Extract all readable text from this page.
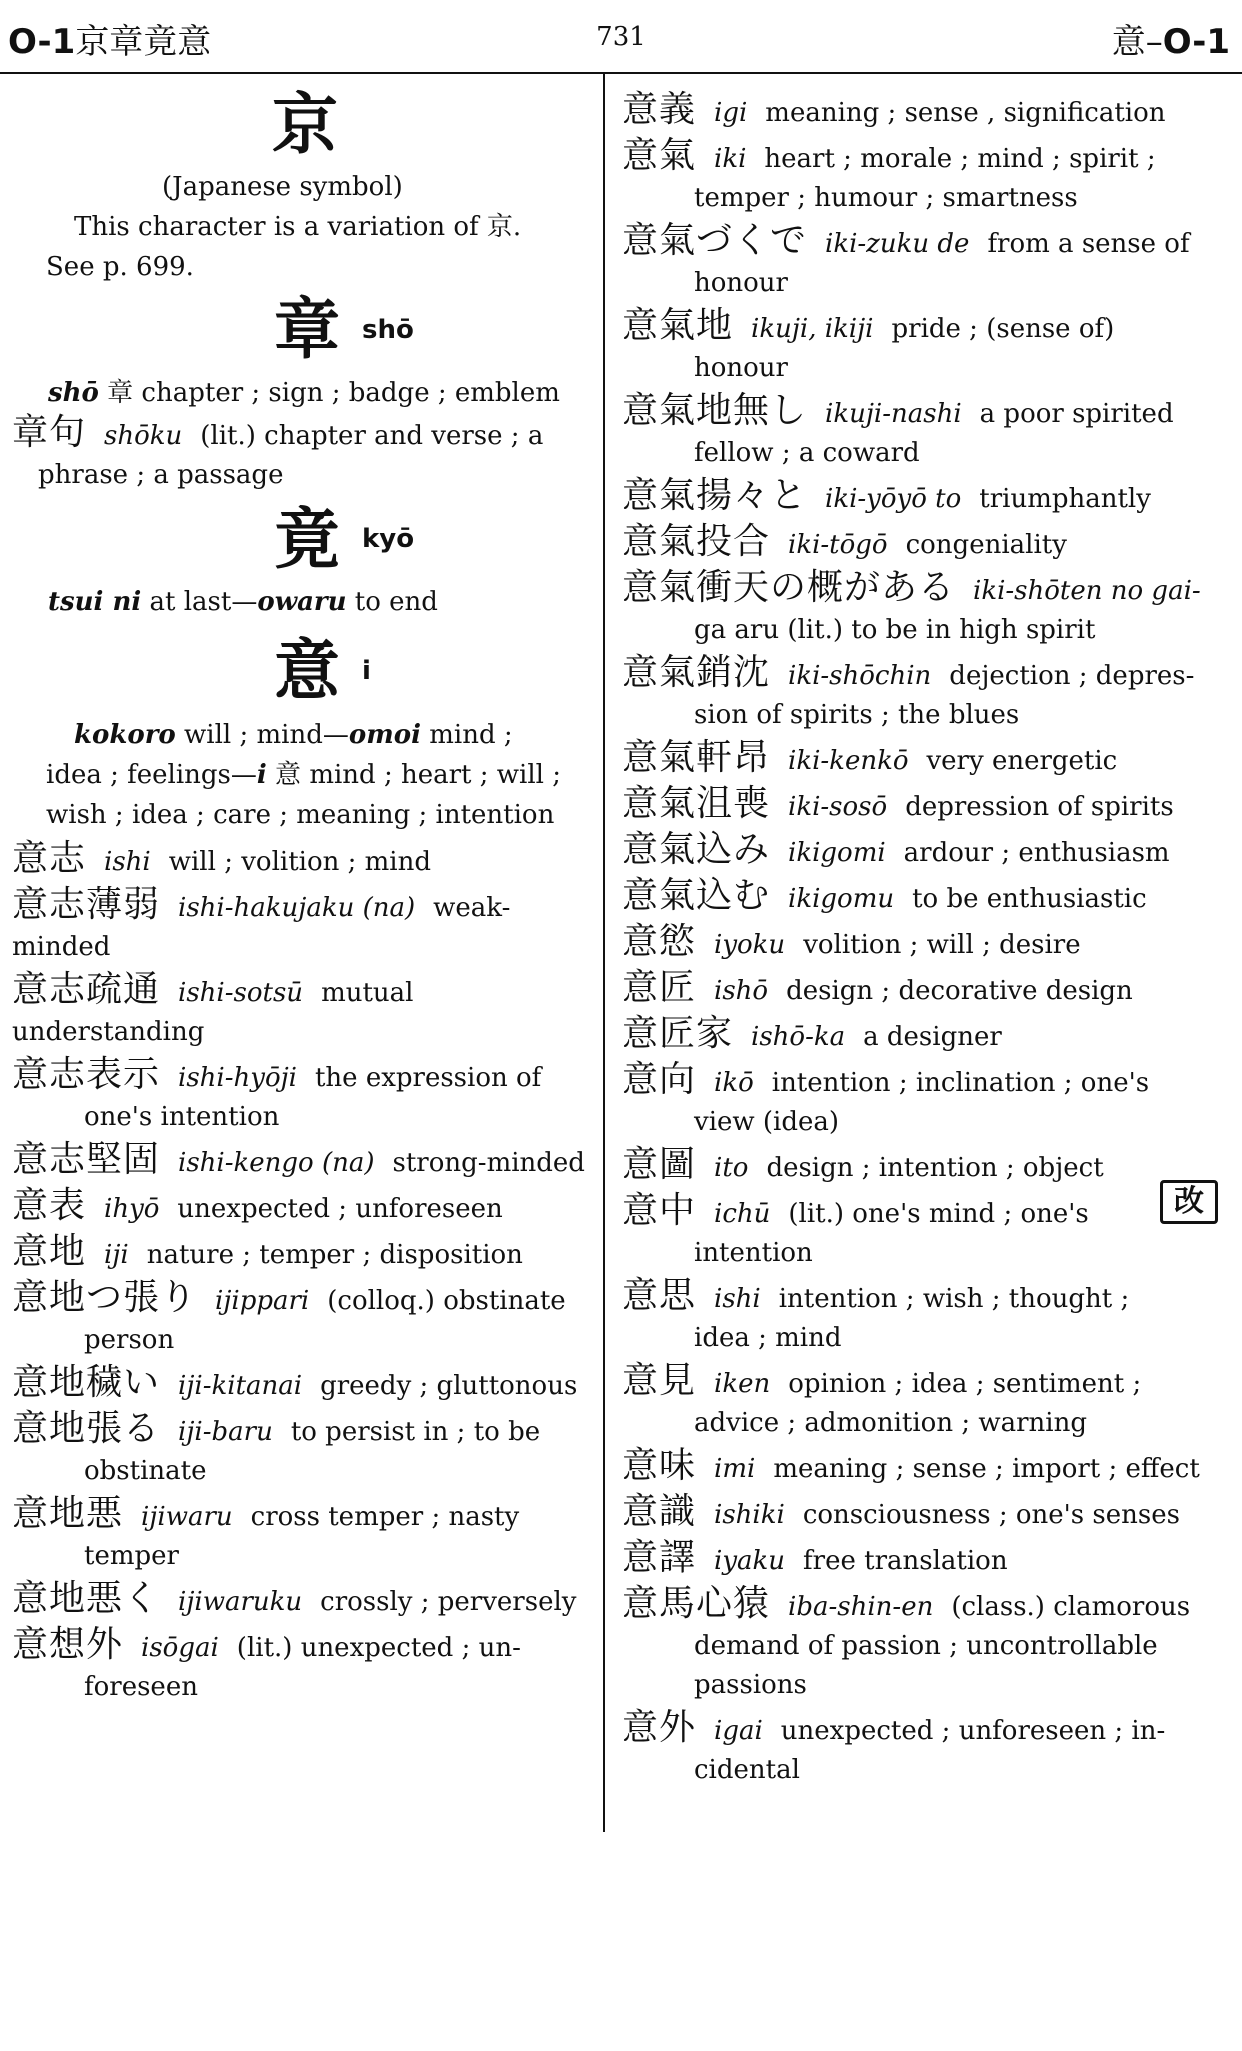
O-1京章竟意	731	意–O-1
京
(Japanese symbol)
This character is a variation of 京.
See p. 699.
章 shō
shō 章 chapter ; sign ; badge ; emblem
章句 shōku (lit.) chapter and verse ; a
phrase ; a passage
竟 kyō
tsui ni at last—owaru to end
意 i
kokoro will ; mind—omoi mind ;
idea ; feelings—i 意 mind ; heart ; will ;
wish ; idea ; care ; meaning ; intention
意志 ishi will ; volition ; mind
意志薄弱 ishi-hakujaku (na) weak-minded
意志疏通 ishi-sotsū mutual understanding
意志表示 ishi-hyōji the expression of
one's intention
意志堅固 ishi-kengo (na) strong-minded
意表 ihyō unexpected ; unforeseen
意地 iji nature ; temper ; disposition
意地つ張り ijippari (colloq.) obstinate
person
意地穢い iji-kitanai greedy ; gluttonous
意地張る iji-baru to persist in ; to be
obstinate
意地悪 ijiwaru cross temper ; nasty
temper
意地悪く ijiwaruku crossly ; perversely
意想外 isōgai (lit.) unexpected ; un-
foreseen
意義 igi meaning ; sense , signification
意氣 iki heart ; morale ; mind ; spirit ;
temper ; humour ; smartness
意氣づくで iki-zuku de from a sense of
honour
意氣地 ikuji, ikiji pride ; (sense of)
honour
意氣地無し ikuji-nashi a poor spirited
fellow ; a coward
意氣揚々と iki-yōyō to triumphantly
意氣投合 iki-tōgō congeniality
意氣衝天の概がある iki-shōten no gai-
ga aru (lit.) to be in high spirit
意氣銷沈 iki-shōchin dejection ; depres-
sion of spirits ; the blues
意氣軒昂 iki-kenkō very energetic
意氣沮喪 iki-sosō depression of spirits
意氣込み ikigomi ardour ; enthusiasm
意氣込む ikigomu to be enthusiastic
意慾 iyoku volition ; will ; desire
意匠 ishō design ; decorative design
意匠家 ishō-ka a designer
意向 ikō intention ; inclination ; one's
view (idea)
意圖 ito design ; intention ; object
意中 ichū (lit.) one's mind ; one's
intention
意思 ishi intention ; wish ; thought ;
idea ; mind
意見 iken opinion ; idea ; sentiment ;
advice ; admonition ; warning
意味 imi meaning ; sense ; import ; effect
意識 ishiki consciousness ; one's senses
意譯 iyaku free translation
意馬心猿 iba-shin-en (class.) clamorous
demand of passion ; uncontrollable passions
意外 igai unexpected ; unforeseen ; in-
cidental
改
